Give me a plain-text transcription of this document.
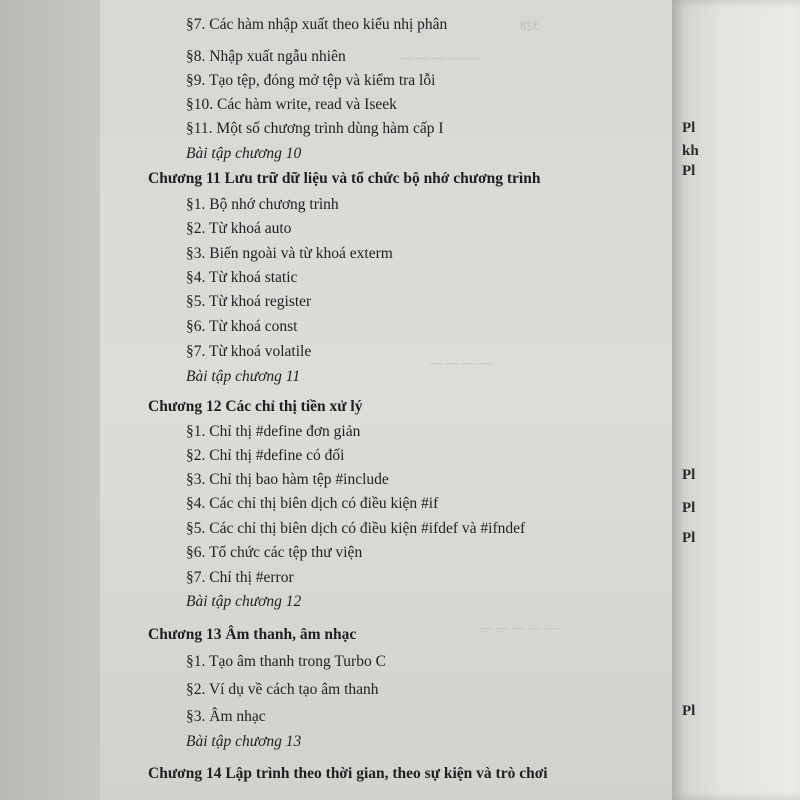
328
— — — — —
— — — —
— — — — —
§7. Các hàm nhập xuất theo kiểu nhị phân
§8. Nhập xuất ngẫu nhiên
§9. Tạo tệp, đóng mở tệp và kiểm tra lỗi
§10. Các hàm write, read và Iseek
§11. Một số chương trình dùng hàm cấp I
Bài tập chương 10
Chương 11 Lưu trữ dữ liệu và tổ chức bộ nhớ chương trình
§1. Bộ nhớ chương trình
§2. Từ khoá auto
§3. Biến ngoài và từ khoá exterm
§4. Từ khoá static
§5. Từ khoá register
§6. Từ khoá const
§7. Từ khoá volatile
Bài tập chương 11
Chương 12 Các chỉ thị tiền xử lý
§1. Chỉ thị #define đơn giản
§2. Chỉ thị #define có đối
§3. Chỉ thị bao hàm tệp #include
§4. Các chỉ thị biên dịch có điều kiện #if
§5. Các chỉ thị biên dịch có điều kiện #ifdef và #ifndef
§6. Tổ chức các tệp thư viện
§7. Chỉ thị #error
Bài tập chương 12
Chương 13 Âm thanh, âm nhạc
§1. Tạo âm thanh trong Turbo C
§2. Ví dụ về cách tạo âm thanh
§3. Âm nhạc
Bài tập chương 13
Chương 14 Lập trình theo thời gian, theo sự kiện và trò chơi
Pl
kh
Pl
Pl
Pl
Pl
Pl
